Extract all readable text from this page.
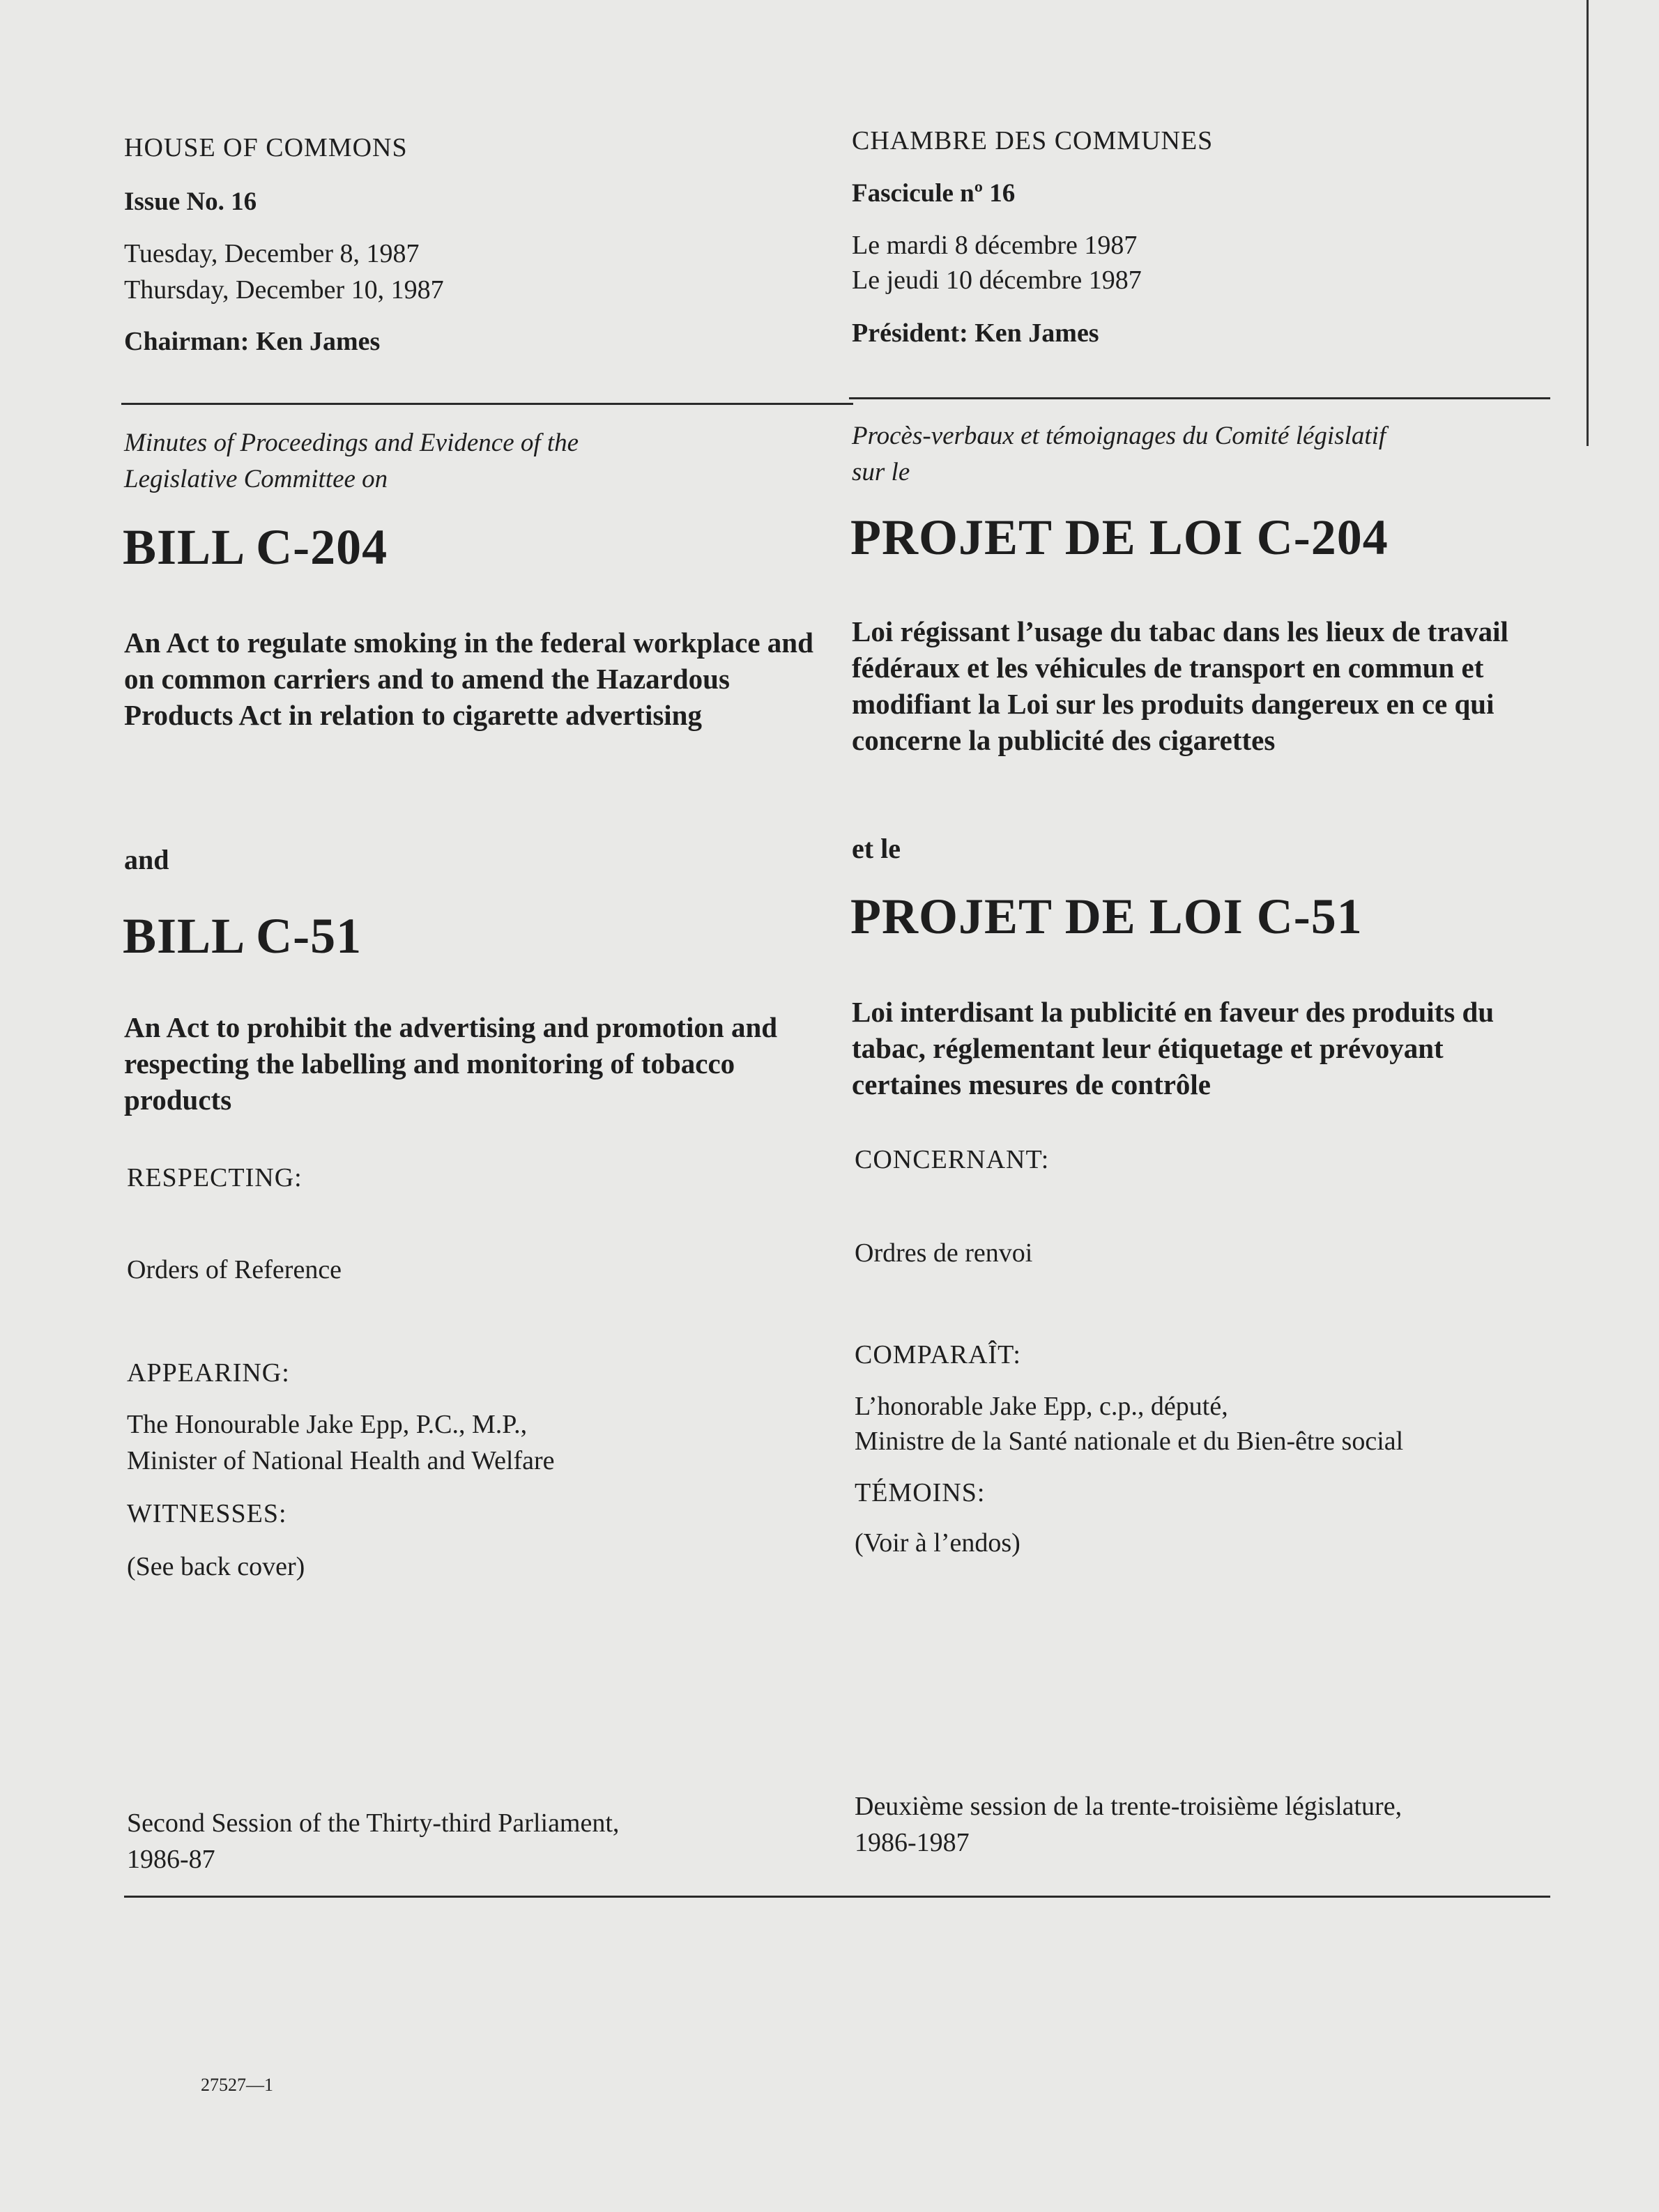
HOUSE OF COMMONS
Issue No. 16
Tuesday, December 8, 1987
Thursday, December 10, 1987
Chairman: Ken James
Minutes of Proceedings and Evidence of the
Legislative Committee on
BILL C-204
An Act to regulate smoking in the federal workplace and on common carriers and to amend the Hazardous Products Act in relation to cigarette advertising
and
BILL C-51
An Act to prohibit the advertising and promotion and respecting the labelling and monitoring of tobacco products
RESPECTING:
Orders of Reference
APPEARING:
The Honourable Jake Epp, P.C., M.P.,
Minister of National Health and Welfare
WITNESSES:
(See back cover)
Second Session of the Thirty-third Parliament,
1986-87
27527—1
CHAMBRE DES COMMUNES
Fascicule nº 16
Le mardi 8 décembre 1987
Le jeudi 10 décembre 1987
Président: Ken James
Procès-verbaux et témoignages du Comité législatif
sur le
PROJET DE LOI C-204
Loi régissant l’usage du tabac dans les lieux de travail fédéraux et les véhicules de transport en commun et modifiant la Loi sur les produits dangereux en ce qui concerne la publicité des cigarettes
et le
PROJET DE LOI C-51
Loi interdisant la publicité en faveur des produits du tabac, réglementant leur étiquetage et prévoyant certaines mesures de contrôle
CONCERNANT:
Ordres de renvoi
COMPARAÎT:
L’honorable Jake Epp, c.p., député,
Ministre de la Santé nationale et du Bien-être social
TÉMOINS:
(Voir à l’endos)
Deuxième session de la trente-troisième législature,
1986-1987
